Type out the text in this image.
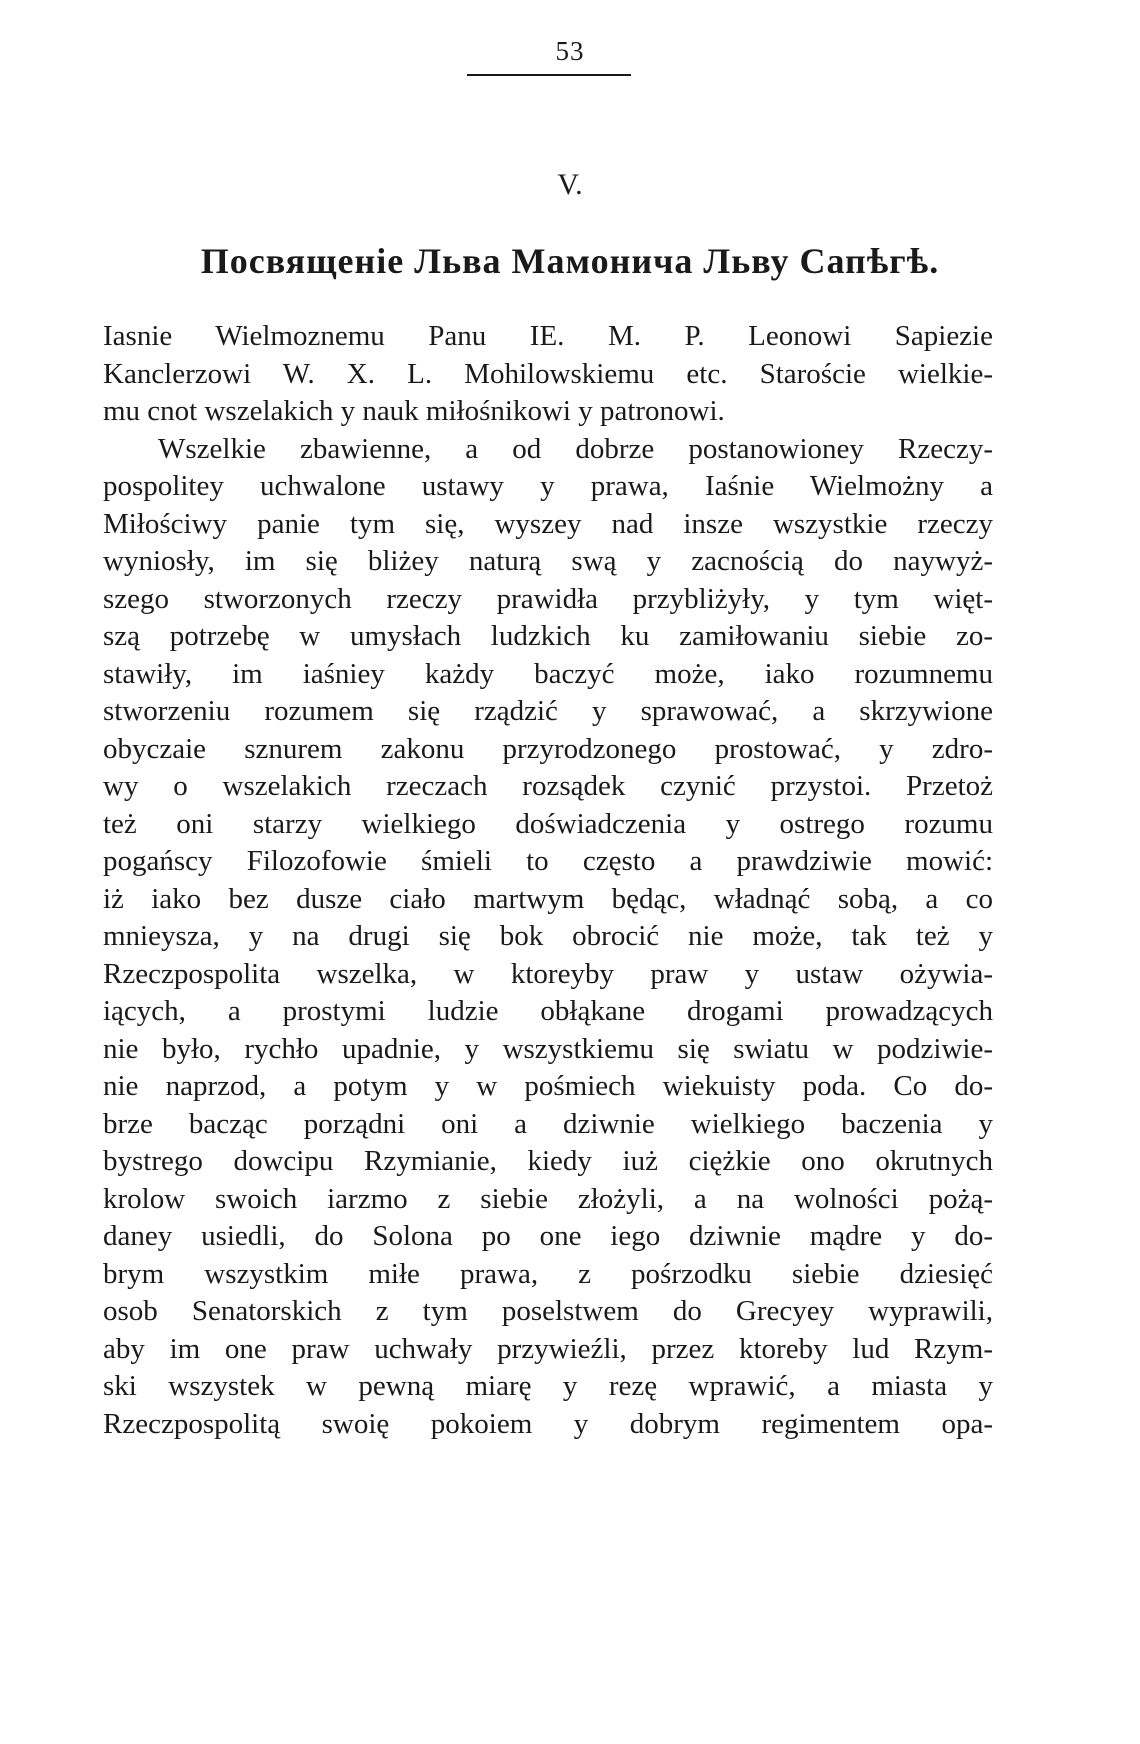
53
V.
Посвященiе Льва Мамонича Льву Сапѣгѣ.
Iasnie Wielmoznemu Panu IE. M. P. Leonowi Sapiezie
Kanclerzowi W. X. L. Mohilowskiemu etc. Staroście wielkie-
mu cnot wszelakich y nauk miłośnikowi y patronowi.
Wszelkie zbawienne, a od dobrze postanowioney Rzeczy-
pospolitey uchwalone ustawy y prawa, Iaśnie Wielmożny a
Miłościwy panie tym się, wyszey nad insze wszystkie rzeczy
wyniosły, im się bliżey naturą swą y zacnością do naywyż-
szego stworzonych rzeczy prawidła przybliżyły, y tym więt-
szą potrzebę w umysłach ludzkich ku zamiłowaniu siebie zo-
stawiły, im iaśniey każdy baczyć może, iako rozumnemu
stworzeniu rozumem się rządzić y sprawować, a skrzywione
obyczaie sznurem zakonu przyrodzonego prostować, y zdro-
wy o wszelakich rzeczach rozsądek czynić przystoi. Przetoż
też oni starzy wielkiego doświadczenia y ostrego rozumu
pogańscy Filozofowie śmieli to często a prawdziwie mowić:
iż iako bez dusze ciało martwym będąc, władnąć sobą, a co
mnieysza, y na drugi się bok obrocić nie może, tak też y
Rzeczpospolita wszelka, w ktoreyby praw y ustaw ożywia-
iących, a prostymi ludzie obłąkane drogami prowadzących
nie było, rychło upadnie, y wszystkiemu się swiatu w podziwie-
nie naprzod, a potym y w pośmiech wiekuisty poda. Co do-
brze bacząc porządni oni a dziwnie wielkiego baczenia y
bystrego dowcipu Rzymianie, kiedy iuż ciężkie ono okrutnych
krolow swoich iarzmo z siebie złożyli, a na wolności pożą-
daney usiedli, do Solona po one iego dziwnie mądre y do-
brym wszystkim miłe prawa, z pośrzodku siebie dziesięć
osob Senatorskich z tym poselstwem do Grecyey wyprawili,
aby im one praw uchwały przywieźli, przez ktoreby lud Rzym-
ski wszystek w pewną miarę y rezę wprawić, a miasta y
Rzeczpospolitą swoię pokoiem y dobrym regimentem opa-
